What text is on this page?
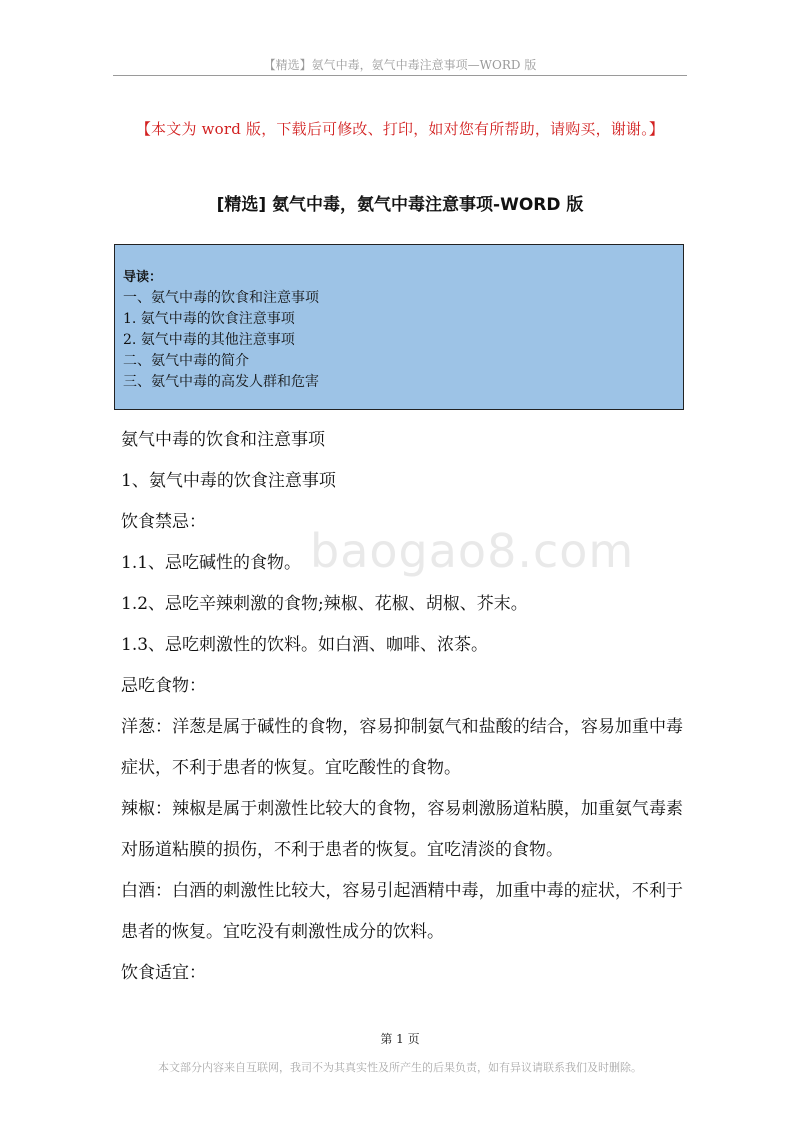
【精选】氨气中毒，氨气中毒注意事项—WORD 版
【本文为 word 版，下载后可修改、打印，如对您有所帮助，请购买，谢谢。】
[精选] 氨气中毒，氨气中毒注意事项-WORD 版
导读：
一、氨气中毒的饮食和注意事项
1. 氨气中毒的饮食注意事项
2. 氨气中毒的其他注意事项
二、氨气中毒的简介
三、氨气中毒的高发人群和危害
baogao8.com

氨气中毒的饮食和注意事项

1、氨气中毒的饮食注意事项

饮食禁忌：

1.1、忌吃碱性的食物。

1.2、忌吃辛辣刺激的食物;辣椒、花椒、胡椒、芥末。

1.3、忌吃刺激性的饮料。如白酒、咖啡、浓茶。

忌吃食物：

洋葱：洋葱是属于碱性的食物，容易抑制氨气和盐酸的结合，容易加重中毒症状，不利于患者的恢复。宜吃酸性的食物。

辣椒：辣椒是属于刺激性比较大的食物，容易刺激肠道粘膜，加重氨气毒素对肠道粘膜的损伤，不利于患者的恢复。宜吃清淡的食物。

白酒：白酒的刺激性比较大，容易引起酒精中毒，加重中毒的症状，不利于患者的恢复。宜吃没有刺激性成分的饮料。

饮食适宜：

第 1 页
本文部分内容来自互联网，我司不为其真实性及所产生的后果负责，如有异议请联系我们及时删除。
